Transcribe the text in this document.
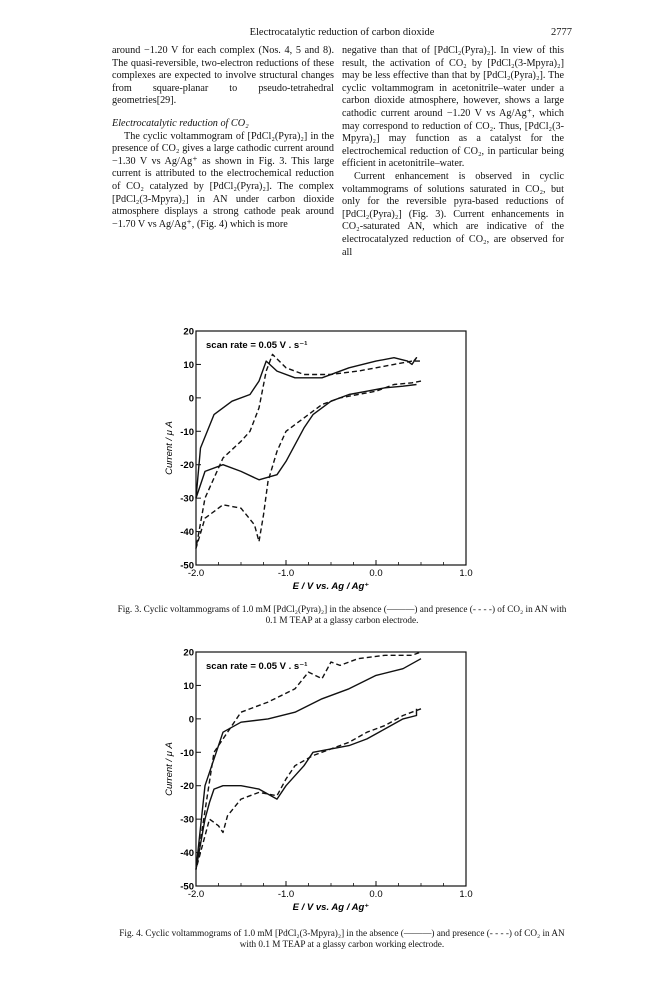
Electrocatalytic reduction of carbon dioxide	2777

around −1.20 V for each complex (Nos. 4, 5 and 8). The quasi-reversible, two-electron reductions of these complexes are expected to involve structural changes from square-planar to pseudo-tetrahedral geometries[29].

Electrocatalytic reduction of CO₂

The cyclic voltammogram of [PdCl₂(Pyra)₂] in the presence of CO₂ gives a large cathodic current around −1.30 V vs Ag/Ag⁺ as shown in Fig. 3. This large current is attributed to the electrochemical reduction of CO₂ catalyzed by [PdCl₂(Pyra)₂]. The complex [PdCl₂(3-Mpyra)₂] in AN under carbon dioxide atmosphere displays a strong cathode peak around −1.70 V vs Ag/Ag⁺, (Fig. 4) which is more

negative than that of [PdCl₂(Pyra)₂]. In view of this result, the activation of CO₂ by [PdCl₂(3-Mpyra)₂] may be less effective than that by [PdCl₂(Pyra)₂]. The cyclic voltammogram in acetonitrile–water under a carbon dioxide atmosphere, however, shows a large cathodic current around −1.20 V vs Ag/Ag⁺, which may correspond to reduction of CO₂. Thus, [PdCl₂(3-Mpyra)₂] may function as a catalyst for the electrochemical reduction of CO₂, in particular being efficient in acetonitrile–water.

Current enhancement is observed in cyclic voltammograms of solutions saturated in CO₂, but only for the reversible pyra-based reductions of [PdCl₂(Pyra)₂] (Fig. 3). Current enhancements in CO₂-saturated AN, which are indicative of the electrocatalyzed reduction of CO₂, are observed for all

-2.0	-1.0	0.0	1.0
20
10
0
-10
-20
-30
-40
-50
scan rate = 0.05 V . s⁻¹
E / V vs. Ag / Ag⁺
Current / μ A
Fig. 3. Cyclic voltammograms of 1.0 mM [PdCl₂(Pyra)₂] in the absence (———) and presence (- - - -) of CO₂ in AN with 0.1 M TEAP at a glassy carbon electrode.
-2.0	-1.0	0.0	1.0
20
10
0
-10
-20
-30
-40
-50
scan rate = 0.05 V . s⁻¹
E / V vs. Ag / Ag⁺
Current / μ A
Fig. 4. Cyclic voltammograms of 1.0 mM [PdCl₂(3-Mpyra)₂] in the absence (———) and presence (- - - -) of CO₂ in AN with 0.1 M TEAP at a glassy carbon working electrode.
